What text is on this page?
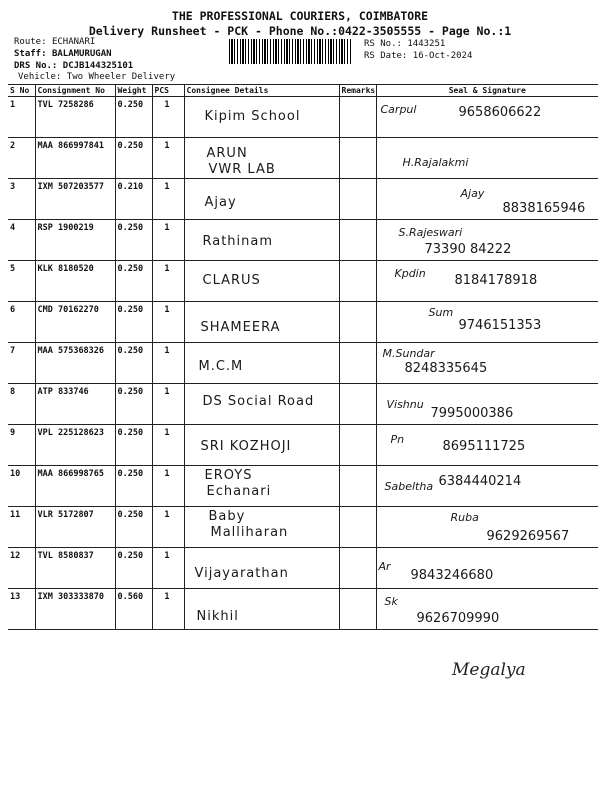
THE PROFESSIONAL COURIERS, COIMBATORE
Delivery Runsheet - PCK - Phone No.:0422-3505555 - Page No.:1
Route: ECHANARI
Staff: BALAMURUGAN
DRS No.: DCJB144325101
Vehicle: Two Wheeler Delivery
RS No.: 1443251
RS Date: 16-Oct-2024
S No	Consignment No	Weight	PCS	Consignee Details	Remarks	Seal & Signature
1	TVL 7258286	0.250	1	Kipim School		Carpul 9658606622

2	MAA 866997841	0.250	1	ARUN
VWR LAB		H.Rajalakmi

3	IXM 507203577	0.210	1	Ajay		Ajay
8838165946

4	RSP 1900219	0.250	1	Rathinam		S.Rajeswari
73390 84222

5	KLK 8180520	0.250	1	CLARUS		Kpdin 8184178918

6	CMD 70162270	0.250	1	SHAMEERA		Sum
9746151353

7	MAA 575368326	0.250	1	M.C.M		M.Sundar
8248335645

8	ATP 833746	0.250	1	DS Social Road		Vishnu
7995000386

9	VPL 225128623	0.250	1	SRI KOZHOJI		Pn 8695111725

10	MAA 866998765	0.250	1	EROYS
Echanari		Sabeltha 6384440214

11	VLR 5172807	0.250	1	Baby
Malliharan		Ruba
9629269567

12	TVL 8580837	0.250	1	Vijayarathan		Ar
9843246680

13	IXM 303333870	0.560	1	Nikhil		Sk
9626709990
Megalya
